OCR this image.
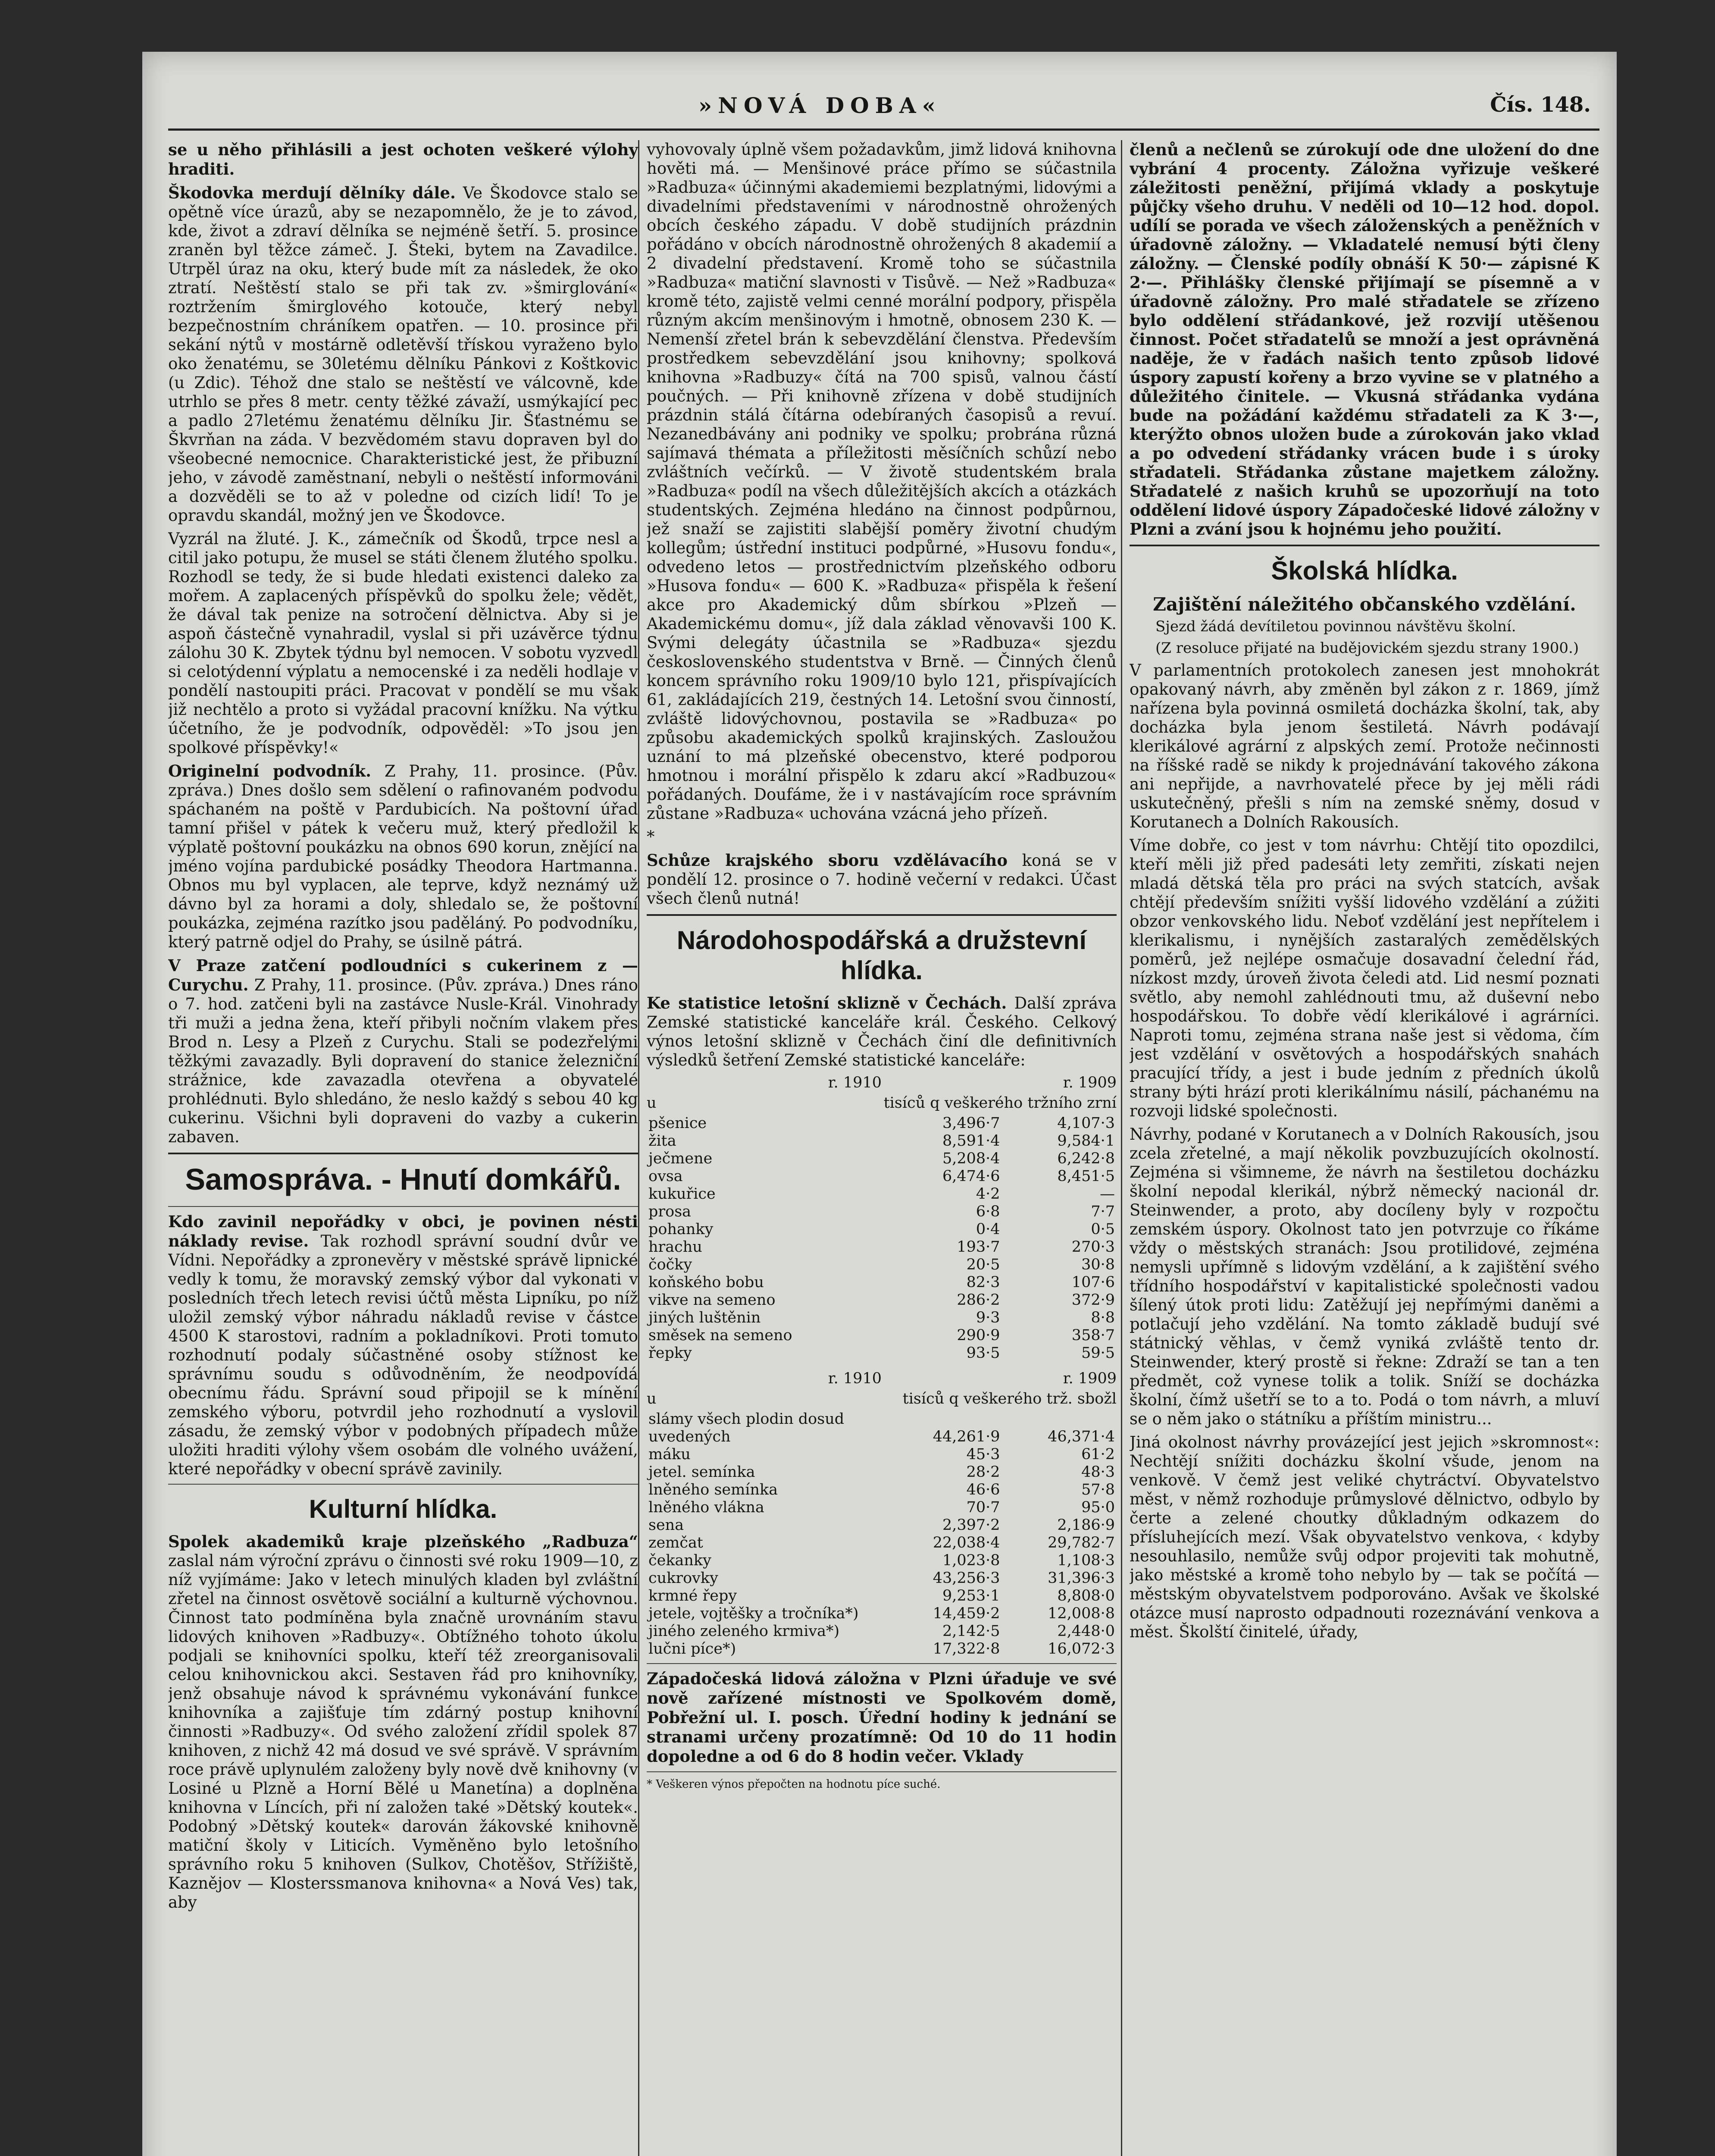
»NOVÁ DOBA«	Čís. 148.

se u něho přihlásili a jest ochoten veškeré výlohy hraditi.

Škodovka merdují dělníky dále. Ve Škodovce stalo se opětně více úrazů, aby se nezapomnělo, že je to závod, kde, život a zdraví dělníka se nejméně šetří. 5. prosince zraněn byl těžce zámeč. J. Šteki, bytem na Zavadilce. Utrpěl úraz na oku, který bude mít za následek, že oko ztratí. Neštěstí stalo se při tak zv. »šmirglování« roztržením šmirglového kotouče, který nebyl bezpečnostním chráníkem opatřen. — 10. prosince při sekání nýtů v mostárně odletěvší třískou vyraženo bylo oko ženatému, se 30letému dělníku Pánkovi z Koštkovic (u Zdic). Téhož dne stalo se neštěstí ve válcovně, kde utrhlo se přes 8 metr. centy těžké závaží, usmýkající pec a padlo 27letému ženatému dělníku Jir. Šťastnému se Škvrňan na záda. V bezvědomém stavu dopraven byl do všeobecné nemocnice. Charakteristické jest, že přibuzní jeho, v závodě zaměstnaní, nebyli o neštěstí informováni a dozvěděli se to až v poledne od cizích lidí! To je opravdu skandál, možný jen ve Škodovce.

Vyzrál na žluté. J. K., zámečník od Škodů, trpce nesl a citil jako potupu, že musel se státi členem žlutého spolku. Rozhodl se tedy, že si bude hledati existenci daleko za mořem. A zaplacených příspěvků do spolku žele; vědět, že dával tak penize na sotročení dělnictva. Aby si je aspoň částečně vynahradil, vyslal si při uzávěrce týdnu zálohu 30 K. Zbytek týdnu byl nemocen. V sobotu vyzvedl si celotýdenní výplatu a nemocenské i za neděli hodlaje v pondělí nastoupiti práci. Pracovat v pondělí se mu však již nechtělo a proto si vyžádal pracovní knížku. Na výtku účetního, že je podvodník, odpověděl: »To jsou jen spolkové příspěvky!«

Originelní podvodník. Z Prahy, 11. prosince. (Pův. zpráva.) Dnes došlo sem sdělení o rafinovaném podvodu spáchaném na poště v Pardubicích. Na poštovní úřad tamní přišel v pátek k večeru muž, který předložil k výplatě poštovní poukázku na obnos 690 korun, znějící na jméno vojína pardubické posádky Theodora Hartmanna. Obnos mu byl vyplacen, ale teprve, když neznámý už dávno byl za horami a doly, shledalo se, že poštovní poukázka, zejména razítko jsou paděláný. Po podvodníku, který patrně odjel do Prahy, se úsilně pátrá.

V Praze zatčení podloudníci s cukerinem z — Curychu. Z Prahy, 11. prosince. (Pův. zpráva.) Dnes ráno o 7. hod. zatčeni byli na zastávce Nusle-Král. Vinohrady tři muži a jedna žena, kteří přibyli nočním vlakem přes Brod n. Lesy a Plzeň z Curychu. Stali se podezřelými těžkými zavazadly. Byli dopravení do stanice železniční strážnice, kde zavazadla otevřena a obyvatelé prohlédnuti. Bylo shledáno, že neslo každý s sebou 40 kg cukerinu. Všichni byli dopraveni do vazby a cukerin zabaven.

Samospráva. - Hnutí domkářů.

Kdo zavinil nepořádky v obci, je povinen nésti náklady revise. Tak rozhodl správní soudní dvůr ve Vídni. Nepořádky a zpronevěry v městské správě lipnické vedly k tomu, že moravský zemský výbor dal vykonati v posledních třech letech revisi účtů města Lipníku, po níž uložil zemský výbor náhradu nákladů revise v částce 4500 K starostovi, radním a pokladníkovi. Proti tomuto rozhodnutí podaly súčastněné osoby stížnost ke správnímu soudu s odůvodněním, že neodpovídá obecnímu řádu. Správní soud připojil se k mínění zemského výboru, potvrdil jeho rozhodnutí a vyslovil zásadu, že zemský výbor v podobných případech může uložiti hraditi výlohy všem osobám dle volného uvážení, které nepořádky v obecní správě zavinily.

Kulturní hlídka.

Spolek akademiků kraje plzeňského „Radbuza“ zaslal nám výroční zprávu o činnosti své roku 1909—10, z níž vyjímáme: Jako v letech minulých kladen byl zvláštní zřetel na činnost osvětově sociální a kulturně výchovnou. Činnost tato podmíněna byla značně urovnáním stavu lidových knihoven »Radbuzy«. Obtížného tohoto úkolu podjali se knihovníci spolku, kteří též zreorganisovali celou knihovnickou akci. Sestaven řád pro knihovníky, jenž obsahuje návod k správnému vykonávání funkce knihovníka a zajišťuje tím zdárný postup knihovní činnosti »Radbuzy«. Od svého založení zřídil spolek 87 knihoven, z nichž 42 má dosud ve své správě. V správním roce právě uplynulém založeny byly nově dvě knihovny (v Losiné u Plzně a Horní Bělé u Manetína) a doplněna knihovna v Líncích, při ní založen také »Dětský koutek«. Podobný »Dětský koutek« darován žákovské knihovně matiční školy v Liticích. Vyměněno bylo letošního správního roku 5 knihoven (Sulkov, Chotěšov, Střížiště, Kaznějov — Klosterssmanova knihovna« a Nová Ves) tak, aby

vyhovovaly úplně všem požadavkům, jimž lidová knihovna hověti má. — Menšinové práce přímo se súčastnila »Radbuza« účinnými akademiemi bezplatnými, lidovými a divadelními představeními v národnostně ohrožených obcích českého západu. V době studijních prázdnin pořádáno v obcích národnostně ohrožených 8 akademií a 2 divadelní představení. Kromě toho se súčastnila »Radbuza« matiční slavnosti v Tisůvě. — Než »Radbuza« kromě této, zajistě velmi cenné morální podpory, přispěla různým akcím menšinovým i hmotně, obnosem 230 K. — Nemenší zřetel brán k sebevzdělání členstva. Především prostředkem sebevzdělání jsou knihovny; spolková knihovna »Radbuzy« čítá na 700 spisů, valnou částí poučných. — Při knihovně zřízena v době studijních prázdnin stálá čítárna odebíraných časopisů a revuí. Nezanedbávány ani podniky ve spolku; probrána různá sajímavá thémata a příležitosti měsíčních schůzí nebo zvláštních večírků. — V životě studentském brala »Radbuza« podíl na všech důležitějších akcích a otázkách studentských. Zejména hledáno na činnost podpůrnou, jež snaží se zajistiti slabější poměry životní chudým kollegům; ústřední instituci podpůrné, »Husovu fondu«, odvedeno letos — prostřednictvím plzeňského odboru »Husova fondu« — 600 K. »Radbuza« přispěla k řešení akce pro Akademický dům sbírkou »Plzeň — Akademickému domu«, jíž dala základ věnovavši 100 K. Svými delegáty účastnila se »Radbuza« sjezdu československého studentstva v Brně. — Činných členů koncem správního roku 1909/10 bylo 121, přispívajících 61, zakládajících 219, čestných 14. Letošní svou činností, zvláště lidovýchovnou, postavila se »Radbuza« po způsobu akademických spolků krajinských. Zasloužou uznání to má plzeňské obecenstvo, které podporou hmotnou i morální přispělo k zdaru akcí »Radbuzou« pořádaných. Doufáme, že i v nastávajícím roce správním zůstane »Radbuza« uchována vzácná jeho přízeň.

*

Schůze krajského sboru vzdělávacího koná se v pondělí 12. prosince o 7. hodině večerní v redakci. Účast všech členů nutná!

Národohospodářská a družstevní hlídka.

Ke statistice letošní sklizně v Čechách. Další zpráva Zemské statistické kanceláře král. Českého. Celkový výnos letošní sklizně v Čechách činí dle definitivních výsledků šetření Zemské statistické kanceláře:

r. 1910	r. 1909
u	tisíců q veškerého tržního zrní
pšenice	3,496·7	4,107·3
žita	8,591·4	9,584·1
ječmene	5,208·4	6,242·8
ovsa	6,474·6	8,451·5
kukuřice	4·2	—
prosa	6·8	7·7
pohanky	0·4	0·5
hrachu	193·7	270·3
čočky	20·5	30·8
koňského bobu	82·3	107·6
vikve na semeno	286·2	372·9
jiných luštěnin	9·3	8·8
směsek na semeno	290·9	358·7
řepky	93·5	59·5
r. 1910	r. 1909
u	tisíců q veškerého trž. sbožl
slámy všech plodin dosud uvedených	44,261·9	46,371·4
máku	45·3	61·2
jetel. semínka	28·2	48·3
lněného semínka	46·6	57·8
lněného vlákna	70·7	95·0
sena	2,397·2	2,186·9
zemčat	22,038·4	29,782·7
čekanky	1,023·8	1,108·3
cukrovky	43,256·3	31,396·3
krmné řepy	9,253·1	8,808·0
jetele, vojtěšky a tročníka*)	14,459·2	12,008·8
jiného zeleného krmiva*)	2,142·5	2,448·0
lučni píce*)	17,322·8	16,072·3

Západočeská lidová záložna v Plzni úřaduje ve své nově zařízené místnosti ve Spolkovém domě, Pobřežní ul. I. posch. Úřední hodiny k jednání se stranami určeny prozatímně: Od 10 do 11 hodin dopoledne a od 6 do 8 hodin večer. Vklady

* Veškeren výnos přepočten na hodnotu píce suché.

členů a nečlenů se zúrokují ode dne uložení do dne vybrání 4 procenty. Záložna vyřizuje veškeré záležitosti peněžní, přijímá vklady a poskytuje půjčky všeho druhu. V neděli od 10—12 hod. dopol. udílí se porada ve všech záloženských a peněžních v úřadovně záložny. — Vkladatelé nemusí býti členy záložny. — Členské podíly obnáší K 50·— zápisné K 2·—. Přihlášky členské přijímají se písemně a v úřadovně záložny. Pro malé střadatele se zřízeno bylo oddělení střádankové, jež rozvijí utěšenou činnost. Počet střadatelů se množí a jest oprávněná naděje, že v řadách našich tento způsob lidové úspory zapustí kořeny a brzo vyvine se v platného a důležitého činitele. — Vkusná střádanka vydána bude na požádání každému střadateli za K 3·—, kterýžto obnos uložen bude a zúrokován jako vklad a po odvedení střádanky vrácen bude i s úroky střadateli. Střádanka zůstane majetkem záložny. Střadatelé z našich kruhů se upozorňují na toto oddělení lidové úspory Západočeské lidové záložny v Plzni a zvání jsou k hojnému jeho použití.

Školská hlídka.
Zajištění náležitého občanského vzdělání.

Sjezd žádá devítiletou povinnou návštěvu školní.

(Z resoluce přijaté na budějovickém sjezdu strany 1900.)

V parlamentních protokolech zanesen jest mnohokrát opakovaný návrh, aby změněn byl zákon z r. 1869, jímž nařízena byla povinná osmiletá docházka školní, tak, aby docházka byla jenom šestiletá. Návrh podávají klerikálové agrární z alpských zemí. Protože nečinnosti na říšské radě se nikdy k projednávání takového zákona ani nepřijde, a navrhovatelé přece by jej měli rádi uskutečněný, přešli s ním na zemské sněmy, dosud v Korutanech a Dolních Rakousích.

Víme dobře, co jest v tom návrhu: Chtějí tito opozdilci, kteří měli již před padesáti lety zemřiti, získati nejen mladá dětská těla pro práci na svých statcích, avšak chtějí především snížiti vyšší lidového vzdělání a zúžiti obzor venkovského lidu. Neboť vzdělání jest nepřítelem i klerikalismu, i nynějších zastaralých zemědělských poměrů, jež nejlépe osmačuje dosavadní čelední řád, nízkost mzdy, úroveň života čeledi atd. Lid nesmí poznati světlo, aby nemohl zahlédnouti tmu, až duševní nebo hospodářskou. To dobře vědí klerikálové i agrárníci. Naproti tomu, zejména strana naše jest si vědoma, čím jest vzdělání v osvětových a hospodářských snahách pracující třídy, a jest i bude jedním z předních úkolů strany býti hrází proti klerikálnímu násilí, páchanému na rozvoji lidské společnosti.

Návrhy, podané v Korutanech a v Dolních Rakousích, jsou zcela zřetelné, a mají několik povzbuzujících okolností. Zejména si všimneme, že návrh na šestiletou docházku školní nepodal klerikál, nýbrž německý nacionál dr. Steinwender, a proto, aby docíleny byly v rozpočtu zemském úspory. Okolnost tato jen potvrzuje co říkáme vždy o městských stranách: Jsou protilidové, zejména nemysli upřímně s lidovým vzdělání, a k zajištění svého třídního hospodářství v kapitalistické společnosti vadou šílený útok proti lidu: Zatěžují jej nepřímými daněmi a potlačují jeho vzdělání. Na tomto základě budují své státnický věhlas, v čemž vyniká zvláště tento dr. Steinwender, který prostě si řekne: Zdraží se tan a ten předmět, což vynese tolik a tolik. Sníží se docházka školní, čímž ušetří se to a to. Podá o tom návrh, a mluví se o něm jako o státníku a příštím ministru...

Jiná okolnost návrhy provázející jest jejich »skromnost«: Nechtějí snížiti docházku školní všude, jenom na venkově. V čemž jest veliké chytráctví. Obyvatelstvo měst, v němž rozhoduje průmyslové dělnictvo, odbylo by čerte a zelené choutky důkladným odkazem do přísluhejících mezí. Však obyvatelstvo venkova, ‹ kdyby nesouhlasilo, nemůže svůj odpor projeviti tak mohutně, jako městské a kromě toho nebylo by — tak se počítá — městským obyvatelstvem podporováno. Avšak ve školské otázce musí naprosto odpadnouti rozeznávání venkova a měst. Školští činitelé, úřady,
